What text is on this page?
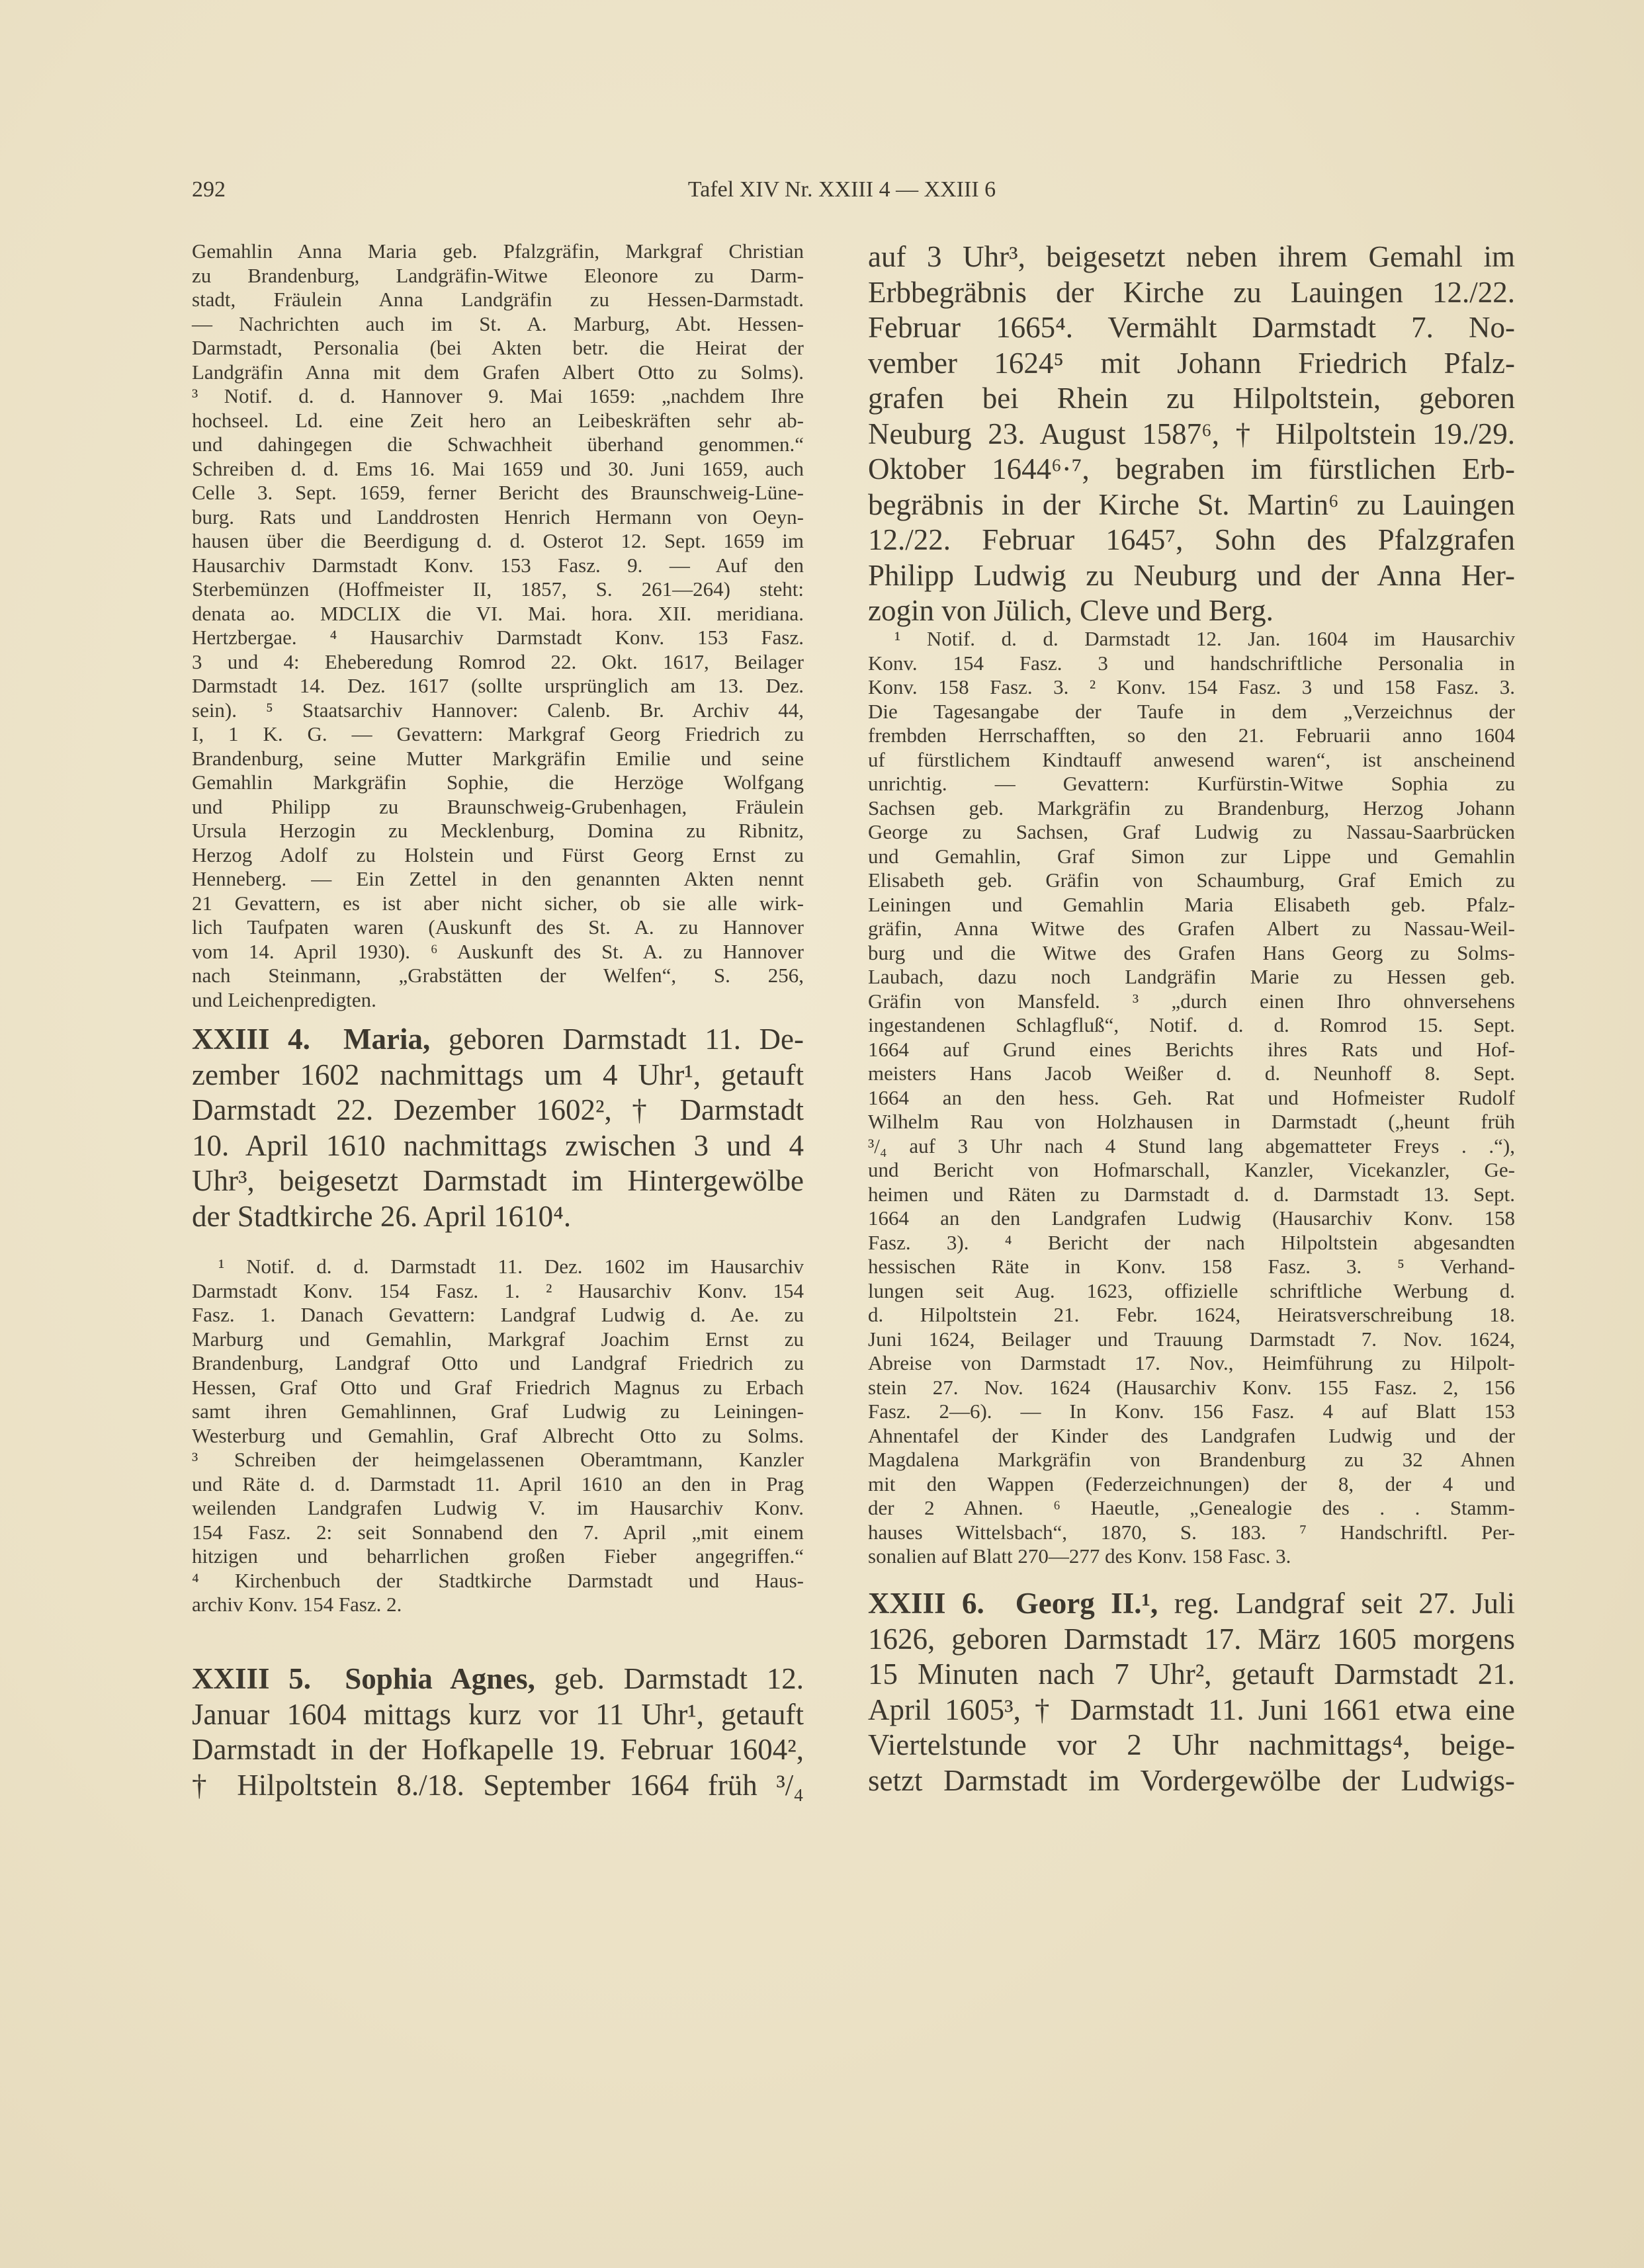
292	Tafel XIV Nr. XXIII 4 — XXIII 6
Gemahlin Anna Maria geb. Pfalzgräfin, Markgraf Christian
zu Brandenburg, Landgräfin-Witwe Eleonore zu Darm-
stadt, Fräulein Anna Landgräfin zu Hessen-Darmstadt.
— Nachrichten auch im St. A. Marburg, Abt. Hessen-
Darmstadt, Personalia (bei Akten betr. die Heirat der
Landgräfin Anna mit dem Grafen Albert Otto zu Solms).
³ Notif. d. d. Hannover 9. Mai 1659: „nachdem Ihre
hochseel. Ld. eine Zeit hero an Leibeskräften sehr ab-
und dahingegen die Schwachheit überhand genommen.“
Schreiben d. d. Ems 16. Mai 1659 und 30. Juni 1659, auch
Celle 3. Sept. 1659, ferner Bericht des Braunschweig-Lüne-
burg. Rats und Landdrosten Henrich Hermann von Oeyn-
hausen über die Beerdigung d. d. Osterot 12. Sept. 1659 im
Hausarchiv Darmstadt Konv. 153 Fasz. 9. — Auf den
Sterbemünzen (Hoffmeister II, 1857, S. 261—264) steht:
denata ao. MDCLIX die VI. Mai. hora. XII. meridiana.
Hertzbergae. ⁴ Hausarchiv Darmstadt Konv. 153 Fasz.
3 und 4: Eheberedung Romrod 22. Okt. 1617, Beilager
Darmstadt 14. Dez. 1617 (sollte ursprünglich am 13. Dez.
sein). ⁵ Staatsarchiv Hannover: Calenb. Br. Archiv 44,
I, 1 K. G. — Gevattern: Markgraf Georg Friedrich zu
Brandenburg, seine Mutter Markgräfin Emilie und seine
Gemahlin Markgräfin Sophie, die Herzöge Wolfgang
und Philipp zu Braunschweig-Grubenhagen, Fräulein
Ursula Herzogin zu Mecklenburg, Domina zu Ribnitz,
Herzog Adolf zu Holstein und Fürst Georg Ernst zu
Henneberg. — Ein Zettel in den genannten Akten nennt
21 Gevattern, es ist aber nicht sicher, ob sie alle wirk-
lich Taufpaten waren (Auskunft des St. A. zu Hannover
vom 14. April 1930). ⁶ Auskunft des St. A. zu Hannover
nach Steinmann, „Grabstätten der Welfen“, S. 256,
und Leichenpredigten.
XXIII 4.  Maria, geboren Darmstadt 11. De-
zember 1602 nachmittags um 4 Uhr¹, getauft
Darmstadt 22. Dezember 1602², † Darmstadt
10. April 1610 nachmittags zwischen 3 und 4
Uhr³, beigesetzt Darmstadt im Hintergewölbe
der Stadtkirche 26. April 1610⁴.
¹ Notif. d. d. Darmstadt 11. Dez. 1602 im Hausarchiv
Darmstadt Konv. 154 Fasz. 1. ² Hausarchiv Konv. 154
Fasz. 1. Danach Gevattern: Landgraf Ludwig d. Ae. zu
Marburg und Gemahlin, Markgraf Joachim Ernst zu
Brandenburg, Landgraf Otto und Landgraf Friedrich zu
Hessen, Graf Otto und Graf Friedrich Magnus zu Erbach
samt ihren Gemahlinnen, Graf Ludwig zu Leiningen-
Westerburg und Gemahlin, Graf Albrecht Otto zu Solms.
³ Schreiben der heimgelassenen Oberamtmann, Kanzler
und Räte d. d. Darmstadt 11. April 1610 an den in Prag
weilenden Landgrafen Ludwig V. im Hausarchiv Konv.
154 Fasz. 2: seit Sonnabend den 7. April „mit einem
hitzigen und beharrlichen großen Fieber angegriffen.“
⁴ Kirchenbuch der Stadtkirche Darmstadt und Haus-
archiv Konv. 154 Fasz. 2.
XXIII 5.  Sophia Agnes, geb. Darmstadt 12.
Januar 1604 mittags kurz vor 11 Uhr¹, getauft
Darmstadt in der Hofkapelle 19. Februar 1604²,
† Hilpoltstein 8./18. September 1664 früh ³/₄
auf 3 Uhr³, beigesetzt neben ihrem Gemahl im
Erbbegräbnis der Kirche zu Lauingen 12./22.
Februar 1665⁴. Vermählt Darmstadt 7. No-
vember 1624⁵ mit Johann Friedrich Pfalz-
grafen bei Rhein zu Hilpoltstein, geboren
Neuburg 23. August 1587⁶, † Hilpoltstein 19./29.
Oktober 1644⁶·⁷, begraben im fürstlichen Erb-
begräbnis in der Kirche St. Martin⁶ zu Lauingen
12./22. Februar 1645⁷, Sohn des Pfalzgrafen
Philipp Ludwig zu Neuburg und der Anna Her-
zogin von Jülich, Cleve und Berg.
¹ Notif. d. d. Darmstadt 12. Jan. 1604 im Hausarchiv
Konv. 154 Fasz. 3 und handschriftliche Personalia in
Konv. 158 Fasz. 3. ² Konv. 154 Fasz. 3 und 158 Fasz. 3.
Die Tagesangabe der Taufe in dem „Verzeichnus der
frembden Herrschafften, so den 21. Februarii anno 1604
uf fürstlichem Kindtauff anwesend waren“, ist anscheinend
unrichtig. — Gevattern: Kurfürstin-Witwe Sophia zu
Sachsen geb. Markgräfin zu Brandenburg, Herzog Johann
George zu Sachsen, Graf Ludwig zu Nassau-Saarbrücken
und Gemahlin, Graf Simon zur Lippe und Gemahlin
Elisabeth geb. Gräfin von Schaumburg, Graf Emich zu
Leiningen und Gemahlin Maria Elisabeth geb. Pfalz-
gräfin, Anna Witwe des Grafen Albert zu Nassau-Weil-
burg und die Witwe des Grafen Hans Georg zu Solms-
Laubach, dazu noch Landgräfin Marie zu Hessen geb.
Gräfin von Mansfeld. ³ „durch einen Ihro ohnversehens
ingestandenen Schlagfluß“, Notif. d. d. Romrod 15. Sept.
1664 auf Grund eines Berichts ihres Rats und Hof-
meisters Hans Jacob Weißer d. d. Neunhoff 8. Sept.
1664 an den hess. Geh. Rat und Hofmeister Rudolf
Wilhelm Rau von Holzhausen in Darmstadt („heunt früh
³/₄ auf 3 Uhr nach 4 Stund lang abgematteter Freys . .“),
und Bericht von Hofmarschall, Kanzler, Vicekanzler, Ge-
heimen und Räten zu Darmstadt d. d. Darmstadt 13. Sept.
1664 an den Landgrafen Ludwig (Hausarchiv Konv. 158
Fasz. 3). ⁴ Bericht der nach Hilpoltstein abgesandten
hessischen Räte in Konv. 158 Fasz. 3. ⁵ Verhand-
lungen seit Aug. 1623, offizielle schriftliche Werbung d.
d. Hilpoltstein 21. Febr. 1624, Heiratsverschreibung 18.
Juni 1624, Beilager und Trauung Darmstadt 7. Nov. 1624,
Abreise von Darmstadt 17. Nov., Heimführung zu Hilpolt-
stein 27. Nov. 1624 (Hausarchiv Konv. 155 Fasz. 2, 156
Fasz. 2—6). — In Konv. 156 Fasz. 4 auf Blatt 153
Ahnentafel der Kinder des Landgrafen Ludwig und der
Magdalena Markgräfin von Brandenburg zu 32 Ahnen
mit den Wappen (Federzeichnungen) der 8, der 4 und
der 2 Ahnen. ⁶ Haeutle, „Genealogie des . . Stamm-
hauses Wittelsbach“, 1870, S. 183. ⁷ Handschriftl. Per-
sonalien auf Blatt 270—277 des Konv. 158 Fasc. 3.
XXIII 6.  Georg II.¹, reg. Landgraf seit 27. Juli
1626, geboren Darmstadt 17. März 1605 morgens
15 Minuten nach 7 Uhr², getauft Darmstadt 21.
April 1605³, † Darmstadt 11. Juni 1661 etwa eine
Viertelstunde vor 2 Uhr nachmittags⁴, beige-
setzt Darmstadt im Vordergewölbe der Ludwigs-
